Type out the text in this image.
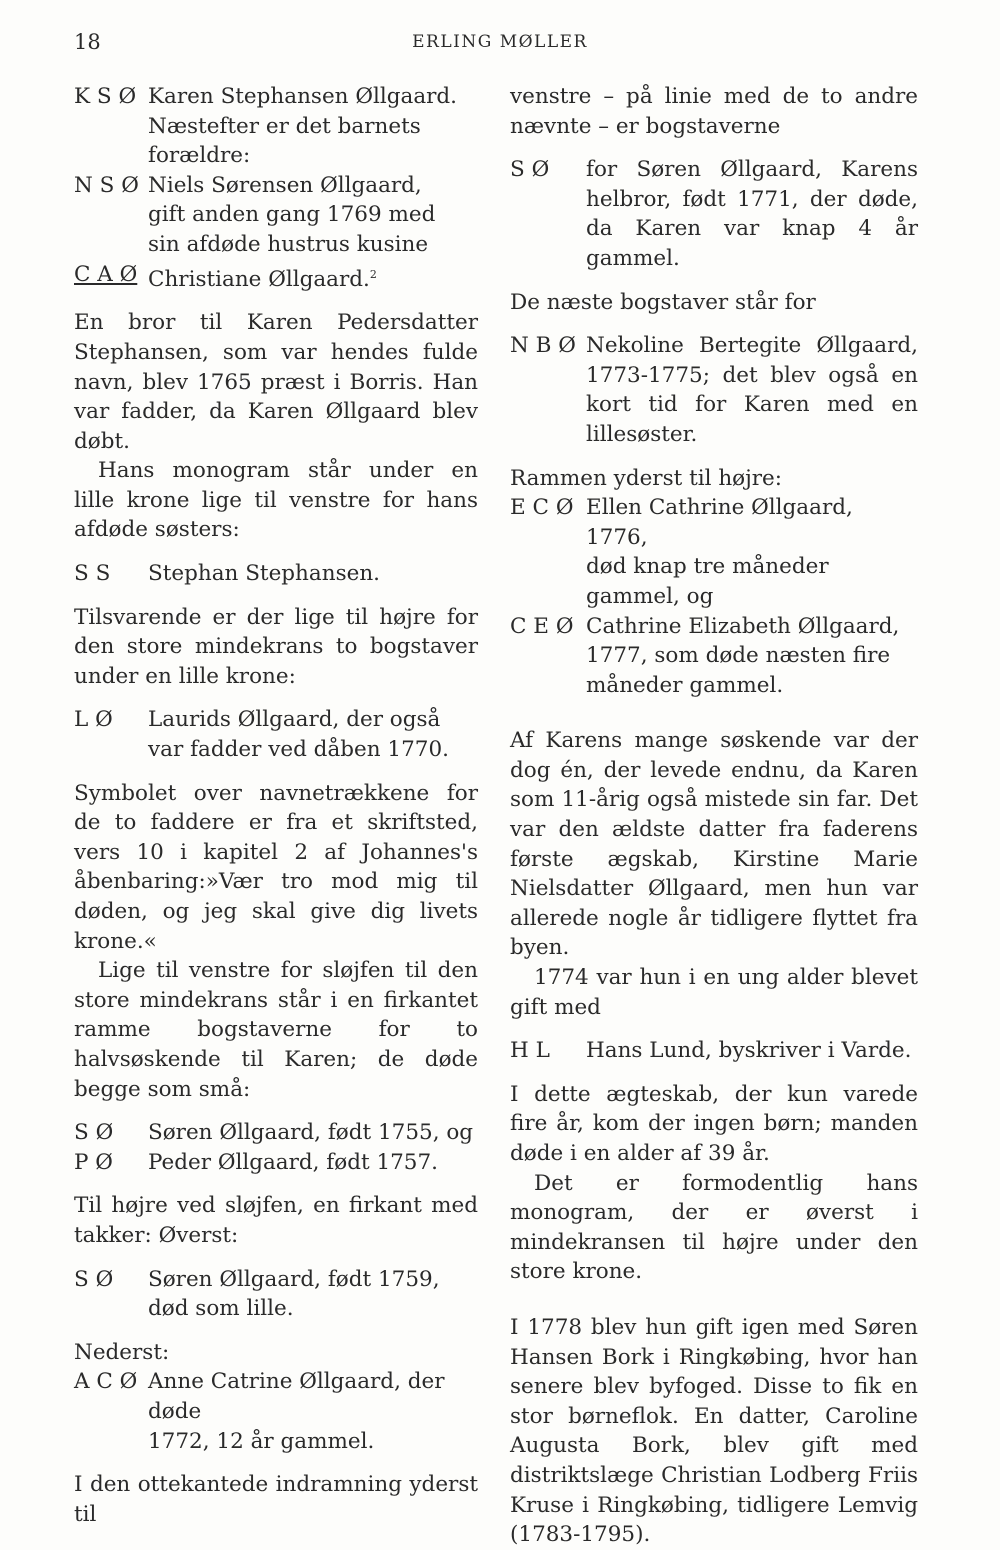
18	ERLING MØLLER
K S Ø Karen Stephansen Øllgaard.
Næstefter er det barnets forældre:
N S Ø Niels Sørensen Øllgaard,
gift anden gang 1769 med
sin afdøde hustrus kusine
C A Ø Christiane Øllgaard.$^2$

En bror til Karen Pedersdatter Stephansen, som var hendes fulde navn, blev 1765 præst i Borris. Han var fadder, da Karen Øllgaard blev døbt.

Hans monogram står under en lille krone lige til venstre for hans afdøde søsters:

S S	Stephan Stephansen.

Tilsvarende er der lige til højre for den store mindekrans to bogstaver under en lille krone:

L Ø	Laurids Øllgaard, der også
var fadder ved dåben 1770.

Symbolet over navnetrækkene for de to faddere er fra et skriftsted, vers 10 i kapitel 2 af Johannes's åbenbaring:»Vær tro mod mig til døden, og jeg skal give dig livets krone.«

Lige til venstre for sløjfen til den store mindekrans står i en firkantet ramme bogstaverne for to halvsøskende til Karen; de døde begge som små:

S Ø	Søren Øllgaard, født 1755, og
P Ø	Peder Øllgaard, født 1757.

Til højre ved sløjfen, en firkant med takker: Øverst:

S Ø	Søren Øllgaard, født 1759,
død som lille.

Nederst:

A C Ø Anne Catrine Øllgaard, der døde
1772, 12 år gammel.

I den ottekantede indramning yderst til

venstre – på linie med de to andre nævnte – er bogstaverne

S Ø	for Søren Øllgaard, Karens helbror, født 1771, der døde, da Karen var knap 4 år gammel.

De næste bogstaver står for

N B Ø Nekoline Bertegite Øllgaard, 1773-1775; det blev også en kort tid for Karen med en lillesøster.

Rammen yderst til højre:

E C Ø Ellen Cathrine Øllgaard, 1776,
død knap tre måneder gammel, og
C E Ø Cathrine Elizabeth Øllgaard,
1777, som døde næsten fire
måneder gammel.

Af Karens mange søskende var der dog én, der levede endnu, da Karen som 11-årig også mistede sin far. Det var den ældste datter fra faderens første ægskab, Kirstine Marie Nielsdatter Øllgaard, men hun var allerede nogle år tidligere flyttet fra byen.

1774 var hun i en ung alder blevet gift med

H L	Hans Lund, byskriver i Varde.

I dette ægteskab, der kun varede fire år, kom der ingen børn; manden døde i en alder af 39 år.

Det er formodentlig hans monogram, der er øverst i mindekransen til højre under den store krone.

I 1778 blev hun gift igen med Søren Hansen Bork i Ringkøbing, hvor han senere blev byfoged. Disse to fik en stor børneflok. En datter, Caroline Augusta Bork, blev gift med distriktslæge Christian Lodberg Friis Kruse i Ringkøbing, tidligere Lemvig (1783-1795).
